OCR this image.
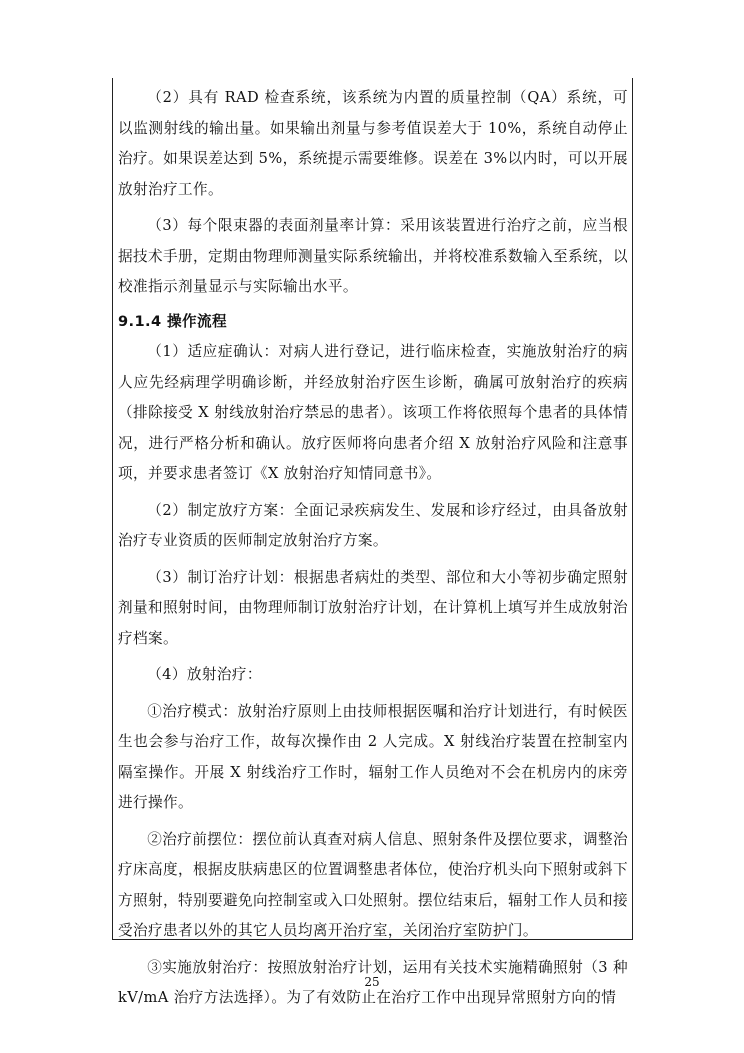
（2）具有 RAD 检查系统，该系统为内置的质量控制（QA）系统，可以监测射线的输出量。如果输出剂量与参考值误差大于 10%，系统自动停止治疗。如果误差达到 5%，系统提示需要维修。误差在 3%以内时，可以开展放射治疗工作。

（3）每个限束器的表面剂量率计算：采用该装置进行治疗之前，应当根据技术手册，定期由物理师测量实际系统输出，并将校准系数输入至系统，以校准指示剂量显示与实际输出水平。

9.1.4 操作流程

（1）适应症确认：对病人进行登记，进行临床检查，实施放射治疗的病人应先经病理学明确诊断，并经放射治疗医生诊断，确属可放射治疗的疾病（排除接受 X 射线放射治疗禁忌的患者）。该项工作将依照每个患者的具体情况，进行严格分析和确认。放疗医师将向患者介绍 X 放射治疗风险和注意事项，并要求患者签订《X 放射治疗知情同意书》。

（2）制定放疗方案：全面记录疾病发生、发展和诊疗经过，由具备放射治疗专业资质的医师制定放射治疗方案。

（3）制订治疗计划：根据患者病灶的类型、部位和大小等初步确定照射剂量和照射时间，由物理师制订放射治疗计划，在计算机上填写并生成放射治疗档案。

（4）放射治疗：

①治疗模式：放射治疗原则上由技师根据医嘱和治疗计划进行，有时候医生也会参与治疗工作，故每次操作由 2 人完成。X 射线治疗装置在控制室内隔室操作。开展 X 射线治疗工作时，辐射工作人员绝对不会在机房内的床旁进行操作。

②治疗前摆位：摆位前认真查对病人信息、照射条件及摆位要求，调整治疗床高度，根据皮肤病患区的位置调整患者体位，使治疗机头向下照射或斜下方照射，特别要避免向控制室或入口处照射。摆位结束后，辐射工作人员和接受治疗患者以外的其它人员均离开治疗室，关闭治疗室防护门。

③实施放射治疗：按照放射治疗计划，运用有关技术实施精确照射（3 种 kV/mA 治疗方法选择）。为了有效防止在治疗工作中出现异常照射方向的情

25
